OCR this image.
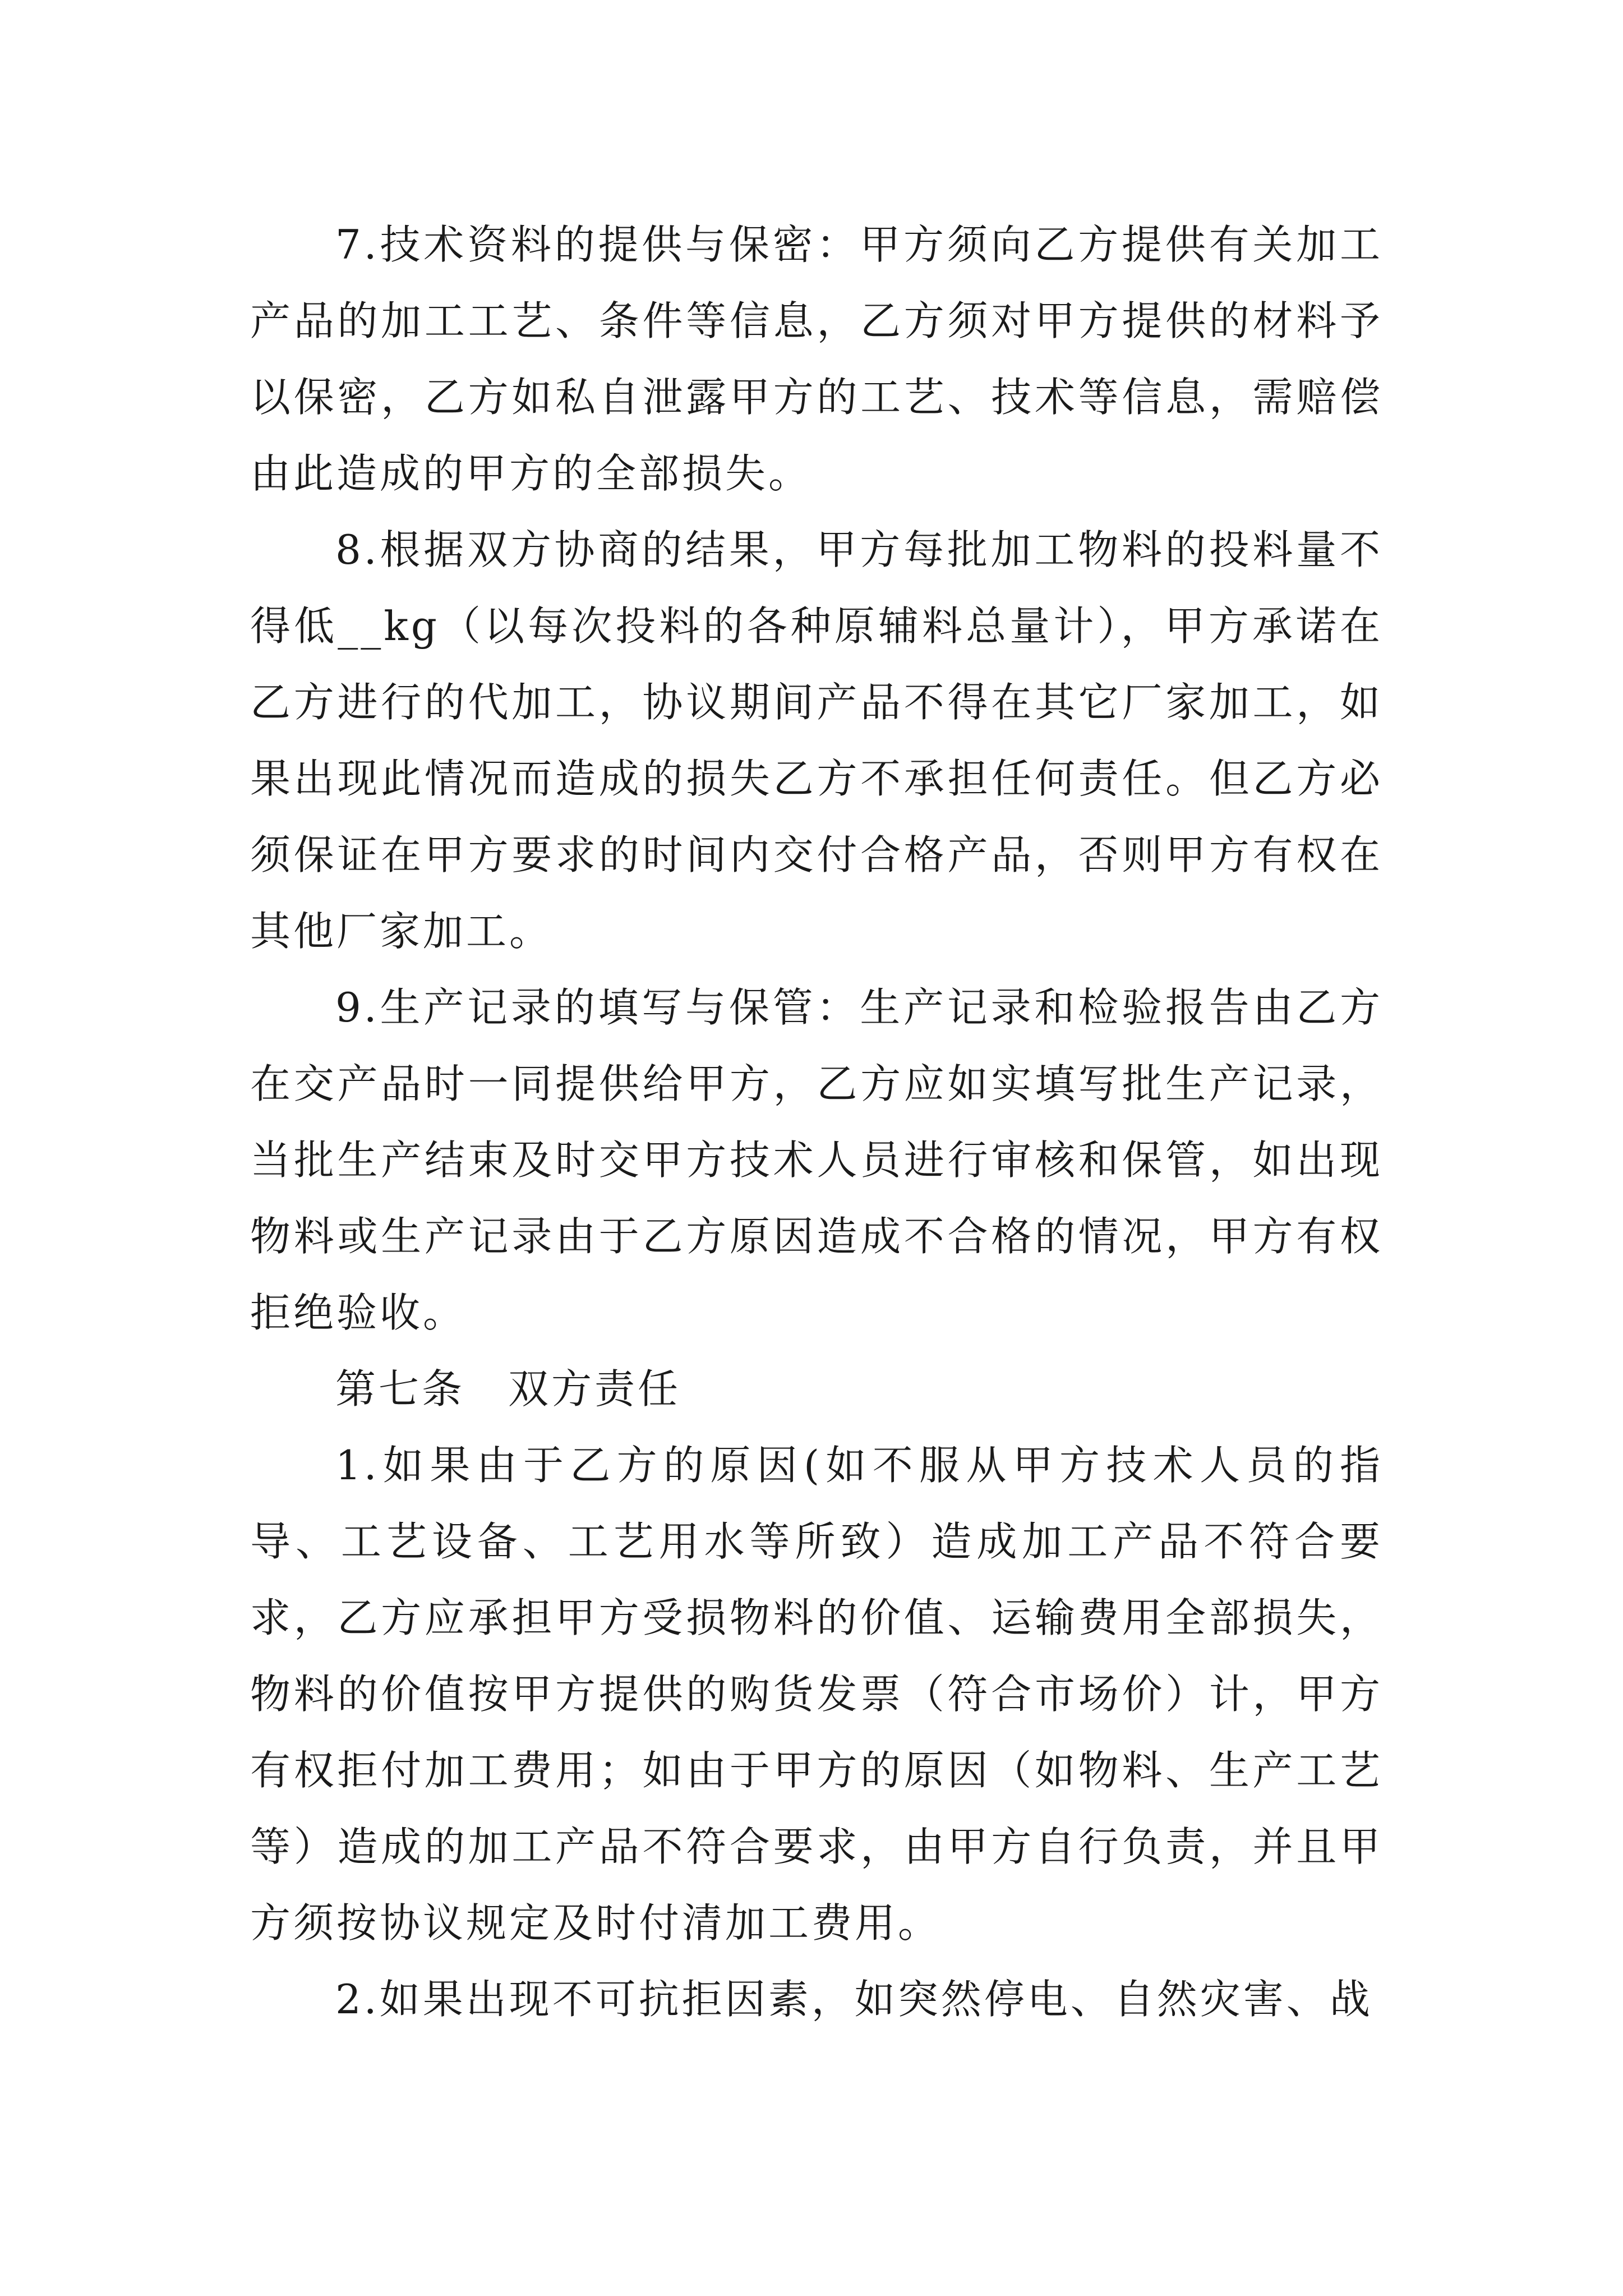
7.技术资料的提供与保密：甲方须向乙方提供有关加工产品的加工工艺、条件等信息，乙方须对甲方提供的材料予以保密，乙方如私自泄露甲方的工艺、技术等信息，需赔偿由此造成的甲方的全部损失。

8.根据双方协商的结果，甲方每批加工物料的投料量不得低__kg（以每次投料的各种原辅料总量计），甲方承诺在乙方进行的代加工，协议期间产品不得在其它厂家加工，如果出现此情况而造成的损失乙方不承担任何责任。但乙方必须保证在甲方要求的时间内交付合格产品，否则甲方有权在其他厂家加工。

9.生产记录的填写与保管：生产记录和检验报告由乙方在交产品时一同提供给甲方，乙方应如实填写批生产记录，当批生产结束及时交甲方技术人员进行审核和保管，如出现物料或生产记录由于乙方原因造成不合格的情况，甲方有权拒绝验收。

第七条　双方责任

1.如果由于乙方的原因(如不服从甲方技术人员的指导、工艺设备、工艺用水等所致）造成加工产品不符合要求，乙方应承担甲方受损物料的价值、运输费用全部损失，物料的价值按甲方提供的购货发票（符合市场价）计，甲方有权拒付加工费用；如由于甲方的原因（如物料、生产工艺等）造成的加工产品不符合要求，由甲方自行负责，并且甲方须按协议规定及时付清加工费用。

2.如果出现不可抗拒因素，如突然停电、自然灾害、战
